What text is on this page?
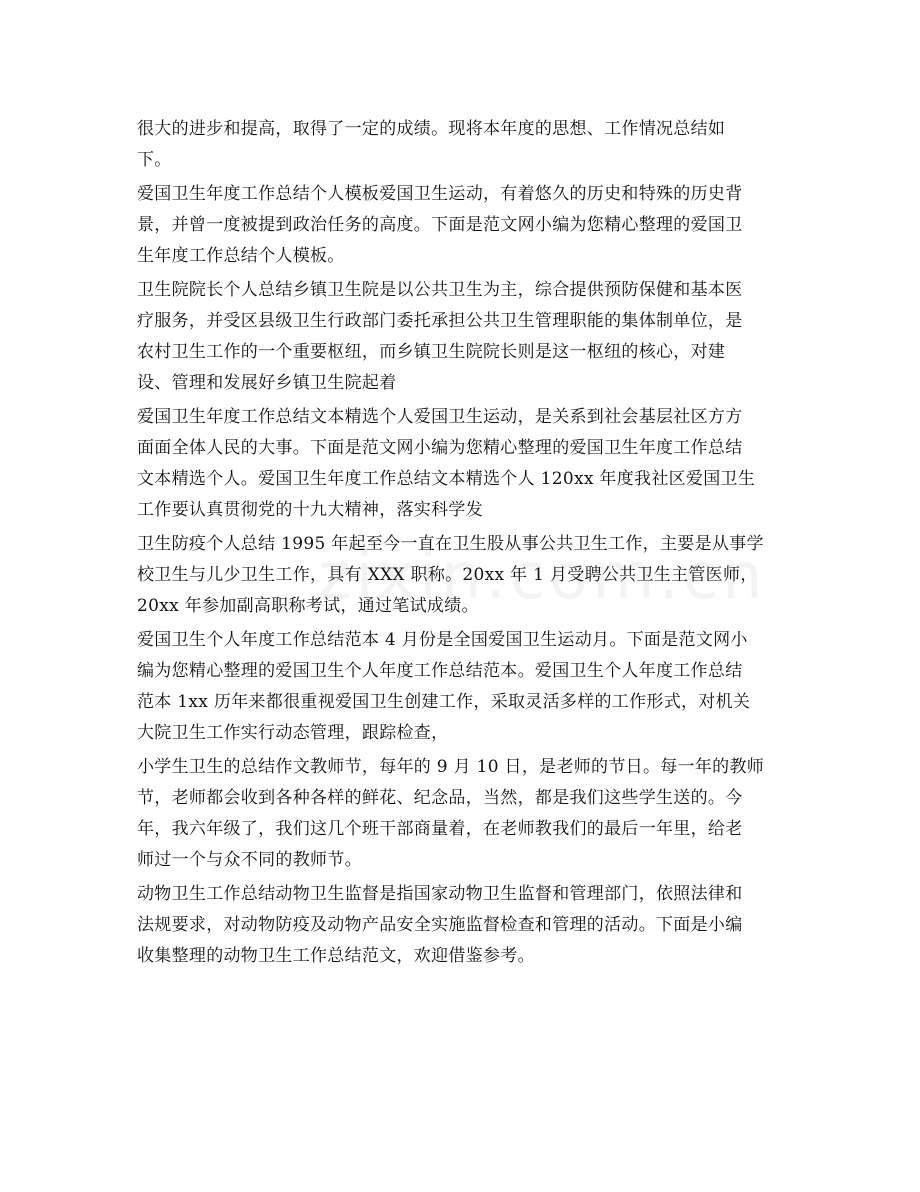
很大的进步和提高，取得了一定的成绩。现将本年度的思想、工作情况总结如
下。
爱国卫生年度工作总结个人模板爱国卫生运动，有着悠久的历史和特殊的历史背
景，并曾一度被提到政治任务的高度。下面是范文网小编为您精心整理的爱国卫
生年度工作总结个人模板。
卫生院院长个人总结乡镇卫生院是以公共卫生为主，综合提供预防保健和基本医
疗服务，并受区县级卫生行政部门委托承担公共卫生管理职能的集体制单位，是
农村卫生工作的一个重要枢纽，而乡镇卫生院院长则是这一枢纽的核心，对建
设、管理和发展好乡镇卫生院起着
爱国卫生年度工作总结文本精选个人爱国卫生运动，是关系到社会基层社区方方
面面全体人民的大事。下面是范文网小编为您精心整理的爱国卫生年度工作总结
文本精选个人。爱国卫生年度工作总结文本精选个人 120xx 年度我社区爱国卫生
工作要认真贯彻党的十九大精神，落实科学发
卫生防疫个人总结 1995 年起至今一直在卫生股从事公共卫生工作，主要是从事学
校卫生与儿少卫生工作，具有 XXX 职称。20xx 年 1 月受聘公共卫生主管医师，
20xx 年参加副高职称考试，通过笔试成绩。
爱国卫生个人年度工作总结范本 4 月份是全国爱国卫生运动月。下面是范文网小
编为您精心整理的爱国卫生个人年度工作总结范本。爱国卫生个人年度工作总结
范本 1xx 历年来都很重视爱国卫生创建工作，采取灵活多样的工作形式，对机关
大院卫生工作实行动态管理，跟踪检查，
小学生卫生的总结作文教师节，每年的 9 月 10 日，是老师的节日。每一年的教师
节，老师都会收到各种各样的鲜花、纪念品，当然，都是我们这些学生送的。今
年，我六年级了，我们这几个班干部商量着，在老师教我们的最后一年里，给老
师过一个与众不同的教师节。
动物卫生工作总结动物卫生监督是指国家动物卫生监督和管理部门，依照法律和
法规要求，对动物防疫及动物产品安全实施监督检查和管理的活动。下面是小编
收集整理的动物卫生工作总结范文，欢迎借鉴参考。
